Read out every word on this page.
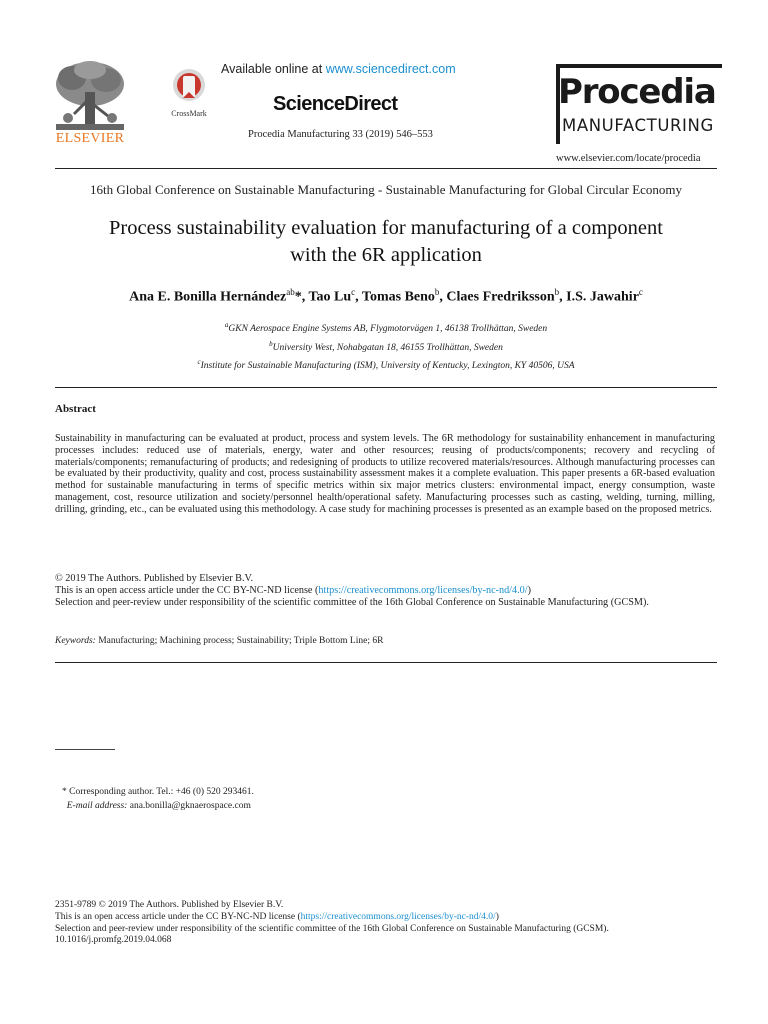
ELSEVIER
CrossMark
Available online at www.sciencedirect.com
ScienceDirect
Procedia Manufacturing 33 (2019) 546–553
Procedia
MANUFACTURING
www.elsevier.com/locate/procedia
16th Global Conference on Sustainable Manufacturing - Sustainable Manufacturing for Global Circular Economy
Process sustainability evaluation for manufacturing of a component
with the 6R application
Ana E. Bonilla Hernández$^{ab}$*, Tao Lu$^c$, Tomas Beno$^b$, Claes Fredriksson$^b$, I.S. Jawahir$^c$
$^a$GKN Aerospace Engine Systems AB, Flygmotorvägen 1, 46138 Trollhättan, Sweden
$^b$University West, Nohabgatan 18, 46155 Trollhättan, Sweden
$^c$Institute for Sustainable Manufacturing (ISM), University of Kentucky, Lexington, KY 40506, USA
Abstract
Sustainability in manufacturing can be evaluated at product, process and system levels. The 6R methodology for sustainability enhancement in manufacturing processes includes: reduced use of materials, energy, water and other resources; reusing of products/components; recovery and recycling of materials/components; remanufacturing of products; and redesigning of products to utilize recovered materials/resources. Although manufacturing processes can be evaluated by their productivity, quality and cost, process sustainability assessment makes it a complete evaluation. This paper presents a 6R-based evaluation method for sustainable manufacturing in terms of specific metrics within six major metrics clusters: environmental impact, energy consumption, waste management, cost, resource utilization and society/personnel health/operational safety. Manufacturing processes such as casting, welding, turning, milling, drilling, grinding, etc., can be evaluated using this methodology. A case study for machining processes is presented as an example based on the proposed metrics.
© 2019 The Authors. Published by Elsevier B.V.
This is an open access article under the CC BY-NC-ND license (https://creativecommons.org/licenses/by-nc-nd/4.0/)
Selection and peer-review under responsibility of the scientific committee of the 16th Global Conference on Sustainable Manufacturing (GCSM).
Keywords: Manufacturing; Machining process; Sustainability; Triple Bottom Line; 6R
* Corresponding author. Tel.: +46 (0) 520 293461.
E-mail address: ana.bonilla@gknaerospace.com
2351-9789 © 2019 The Authors. Published by Elsevier B.V.
This is an open access article under the CC BY-NC-ND license (https://creativecommons.org/licenses/by-nc-nd/4.0/)
Selection and peer-review under responsibility of the scientific committee of the 16th Global Conference on Sustainable Manufacturing (GCSM).
10.1016/j.promfg.2019.04.068
